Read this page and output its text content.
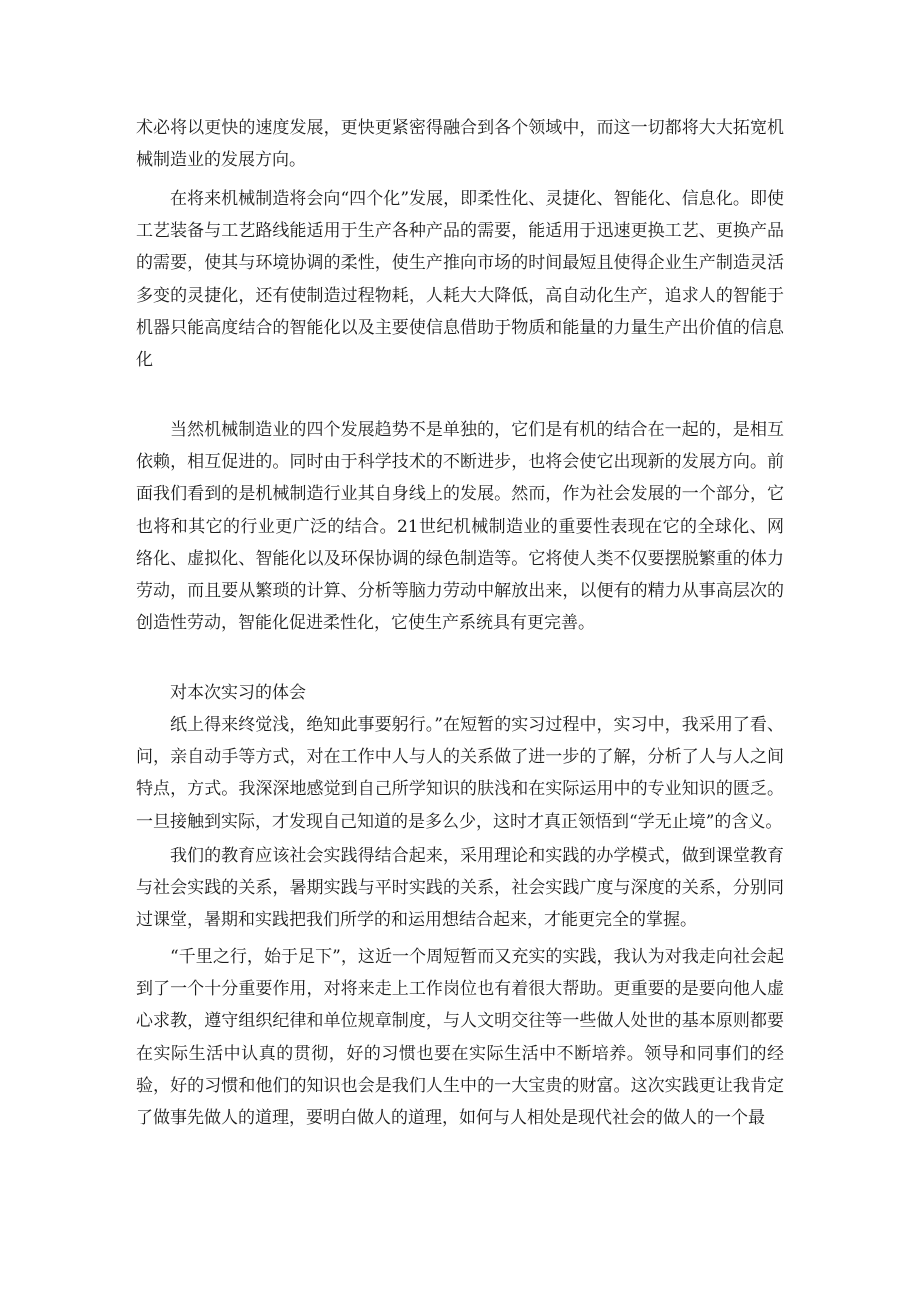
术必将以更快的速度发展，更快更紧密得融合到各个领域中，而这一切都将大大拓宽机械制造业的发展方向。

在将来机械制造将会向“四个化”发展，即柔性化、灵捷化、智能化、信息化。即使工艺装备与工艺路线能适用于生产各种产品的需要，能适用于迅速更换工艺、更换产品的需要，使其与环境协调的柔性，使生产推向市场的时间最短且使得企业生产制造灵活多变的灵捷化，还有使制造过程物耗，人耗大大降低，高自动化生产，追求人的智能于机器只能高度结合的智能化以及主要使信息借助于物质和能量的力量生产出价值的信息化

当然机械制造业的四个发展趋势不是单独的，它们是有机的结合在一起的，是相互依赖，相互促进的。同时由于科学技术的不断进步，也将会使它出现新的发展方向。前面我们看到的是机械制造行业其自身线上的发展。然而，作为社会发展的一个部分，它也将和其它的行业更广泛的结合。21世纪机械制造业的重要性表现在它的全球化、网络化、虚拟化、智能化以及环保协调的绿色制造等。它将使人类不仅要摆脱繁重的体力劳动，而且要从繁琐的计算、分析等脑力劳动中解放出来，以便有的精力从事高层次的创造性劳动，智能化促进柔性化，它使生产系统具有更完善。

对本次实习的体会

纸上得来终觉浅，绝知此事要躬行。”在短暂的实习过程中，实习中，我采用了看、问，亲自动手等方式，对在工作中人与人的关系做了进一步的了解，分析了人与人之间特点，方式。我深深地感觉到自己所学知识的肤浅和在实际运用中的专业知识的匮乏。一旦接触到实际，才发现自己知道的是多么少，这时才真正领悟到“学无止境”的含义。

我们的教育应该社会实践得结合起来，采用理论和实践的办学模式，做到课堂教育与社会实践的关系，暑期实践与平时实践的关系，社会实践广度与深度的关系，分别同过课堂，暑期和实践把我们所学的和运用想结合起来，才能更完全的掌握。

“千里之行，始于足下”，这近一个周短暂而又充实的实践，我认为对我走向社会起到了一个十分重要作用，对将来走上工作岗位也有着很大帮助。更重要的是要向他人虚心求教，遵守组织纪律和单位规章制度，与人文明交往等一些做人处世的基本原则都要在实际生活中认真的贯彻，好的习惯也要在实际生活中不断培养。领导和同事们的经验，好的习惯和他们的知识也会是我们人生中的一大宝贵的财富。这次实践更让我肯定了做事先做人的道理，要明白做人的道理，如何与人相处是现代社会的做人的一个最
